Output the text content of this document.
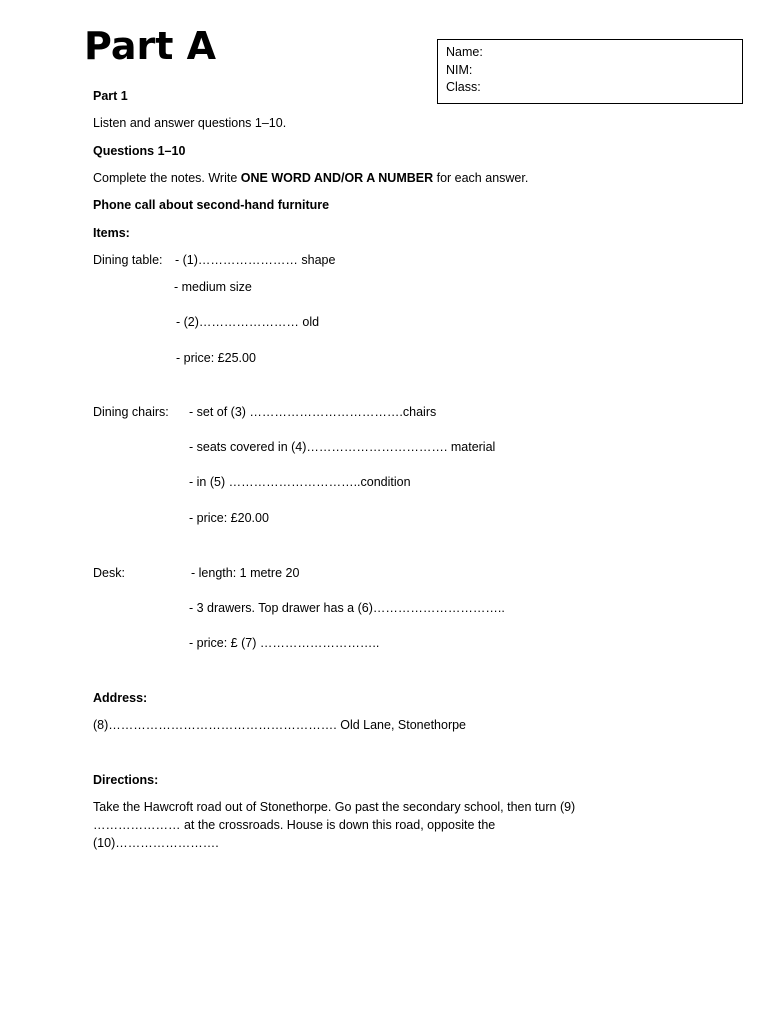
Part A	Name:
NIM:
Class:
Part 1
Listen and answer questions 1–10.
Questions 1–10
Complete the notes. Write ONE WORD AND/OR A NUMBER for each answer.
Phone call about second-hand furniture
Items:
Dining table: - (1)…………………… shape
- medium size
- (2)…………………… old
- price: £25.00
Dining chairs: - set of (3) ……………………………….chairs
- seats covered in (4)……………………………. material
- in (5) …………………………..condition
- price: £20.00
Desk:	- length: 1 metre 20
- 3 drawers. Top drawer has a (6)…………………………..
- price: £ (7) ………………………..
Address:
(8)………………………………………………. Old Lane, Stonethorpe
Directions:
Take the Hawcroft road out of Stonethorpe. Go past the secondary school, then turn (9) ………………… at the crossroads. House is down this road, opposite the (10)…………………….
